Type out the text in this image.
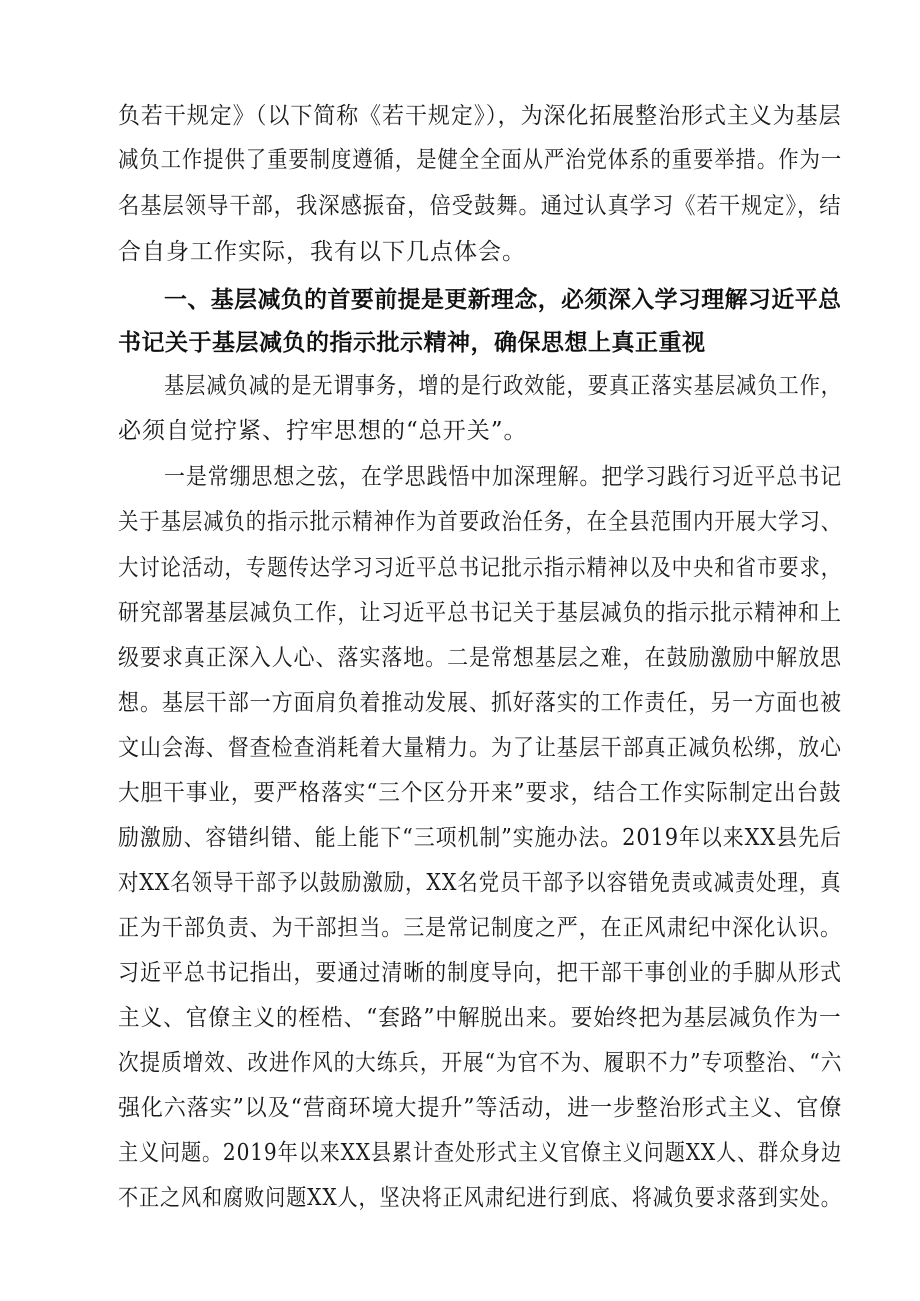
负若干规定》（以下简称《若干规定》），为深化拓展整治形式主义为基层
减负工作提供了重要制度遵循，是健全全面从严治党体系的重要举措。作为一
名基层领导干部，我深感振奋，倍受鼓舞。通过认真学习《若干规定》，结
合自身工作实际，我有以下几点体会。
一、基层减负的首要前提是更新理念，必须深入学习理解习近平总
书记关于基层减负的指示批示精神，确保思想上真正重视
基层减负减的是无谓事务，增的是行政效能，要真正落实基层减负工作，
必须自觉拧紧、拧牢思想的“总开关”。
一是常绷思想之弦，在学思践悟中加深理解。把学习践行习近平总书记
关于基层减负的指示批示精神作为首要政治任务，在全县范围内开展大学习、
大讨论活动，专题传达学习习近平总书记批示指示精神以及中央和省市要求，
研究部署基层减负工作，让习近平总书记关于基层减负的指示批示精神和上
级要求真正深入人心、落实落地。二是常想基层之难，在鼓励激励中解放思
想。基层干部一方面肩负着推动发展、抓好落实的工作责任，另一方面也被
文山会海、督查检查消耗着大量精力。为了让基层干部真正减负松绑，放心
大胆干事业，要严格落实“三个区分开来”要求，结合工作实际制定出台鼓
励激励、容错纠错、能上能下“三项机制”实施办法。2019年以来XX县先后
对XX名领导干部予以鼓励激励，XX名党员干部予以容错免责或减责处理，真
正为干部负责、为干部担当。三是常记制度之严，在正风肃纪中深化认识。
习近平总书记指出，要通过清晰的制度导向，把干部干事创业的手脚从形式
主义、官僚主义的桎梏、“套路”中解脱出来。要始终把为基层减负作为一
次提质增效、改进作风的大练兵，开展“为官不为、履职不力”专项整治、“六
强化六落实”以及“营商环境大提升”等活动，进一步整治形式主义、官僚
主义问题。2019年以来XX县累计查处形式主义官僚主义问题XX人、群众身边
不正之风和腐败问题XX人，坚决将正风肃纪进行到底、将减负要求落到实处。
